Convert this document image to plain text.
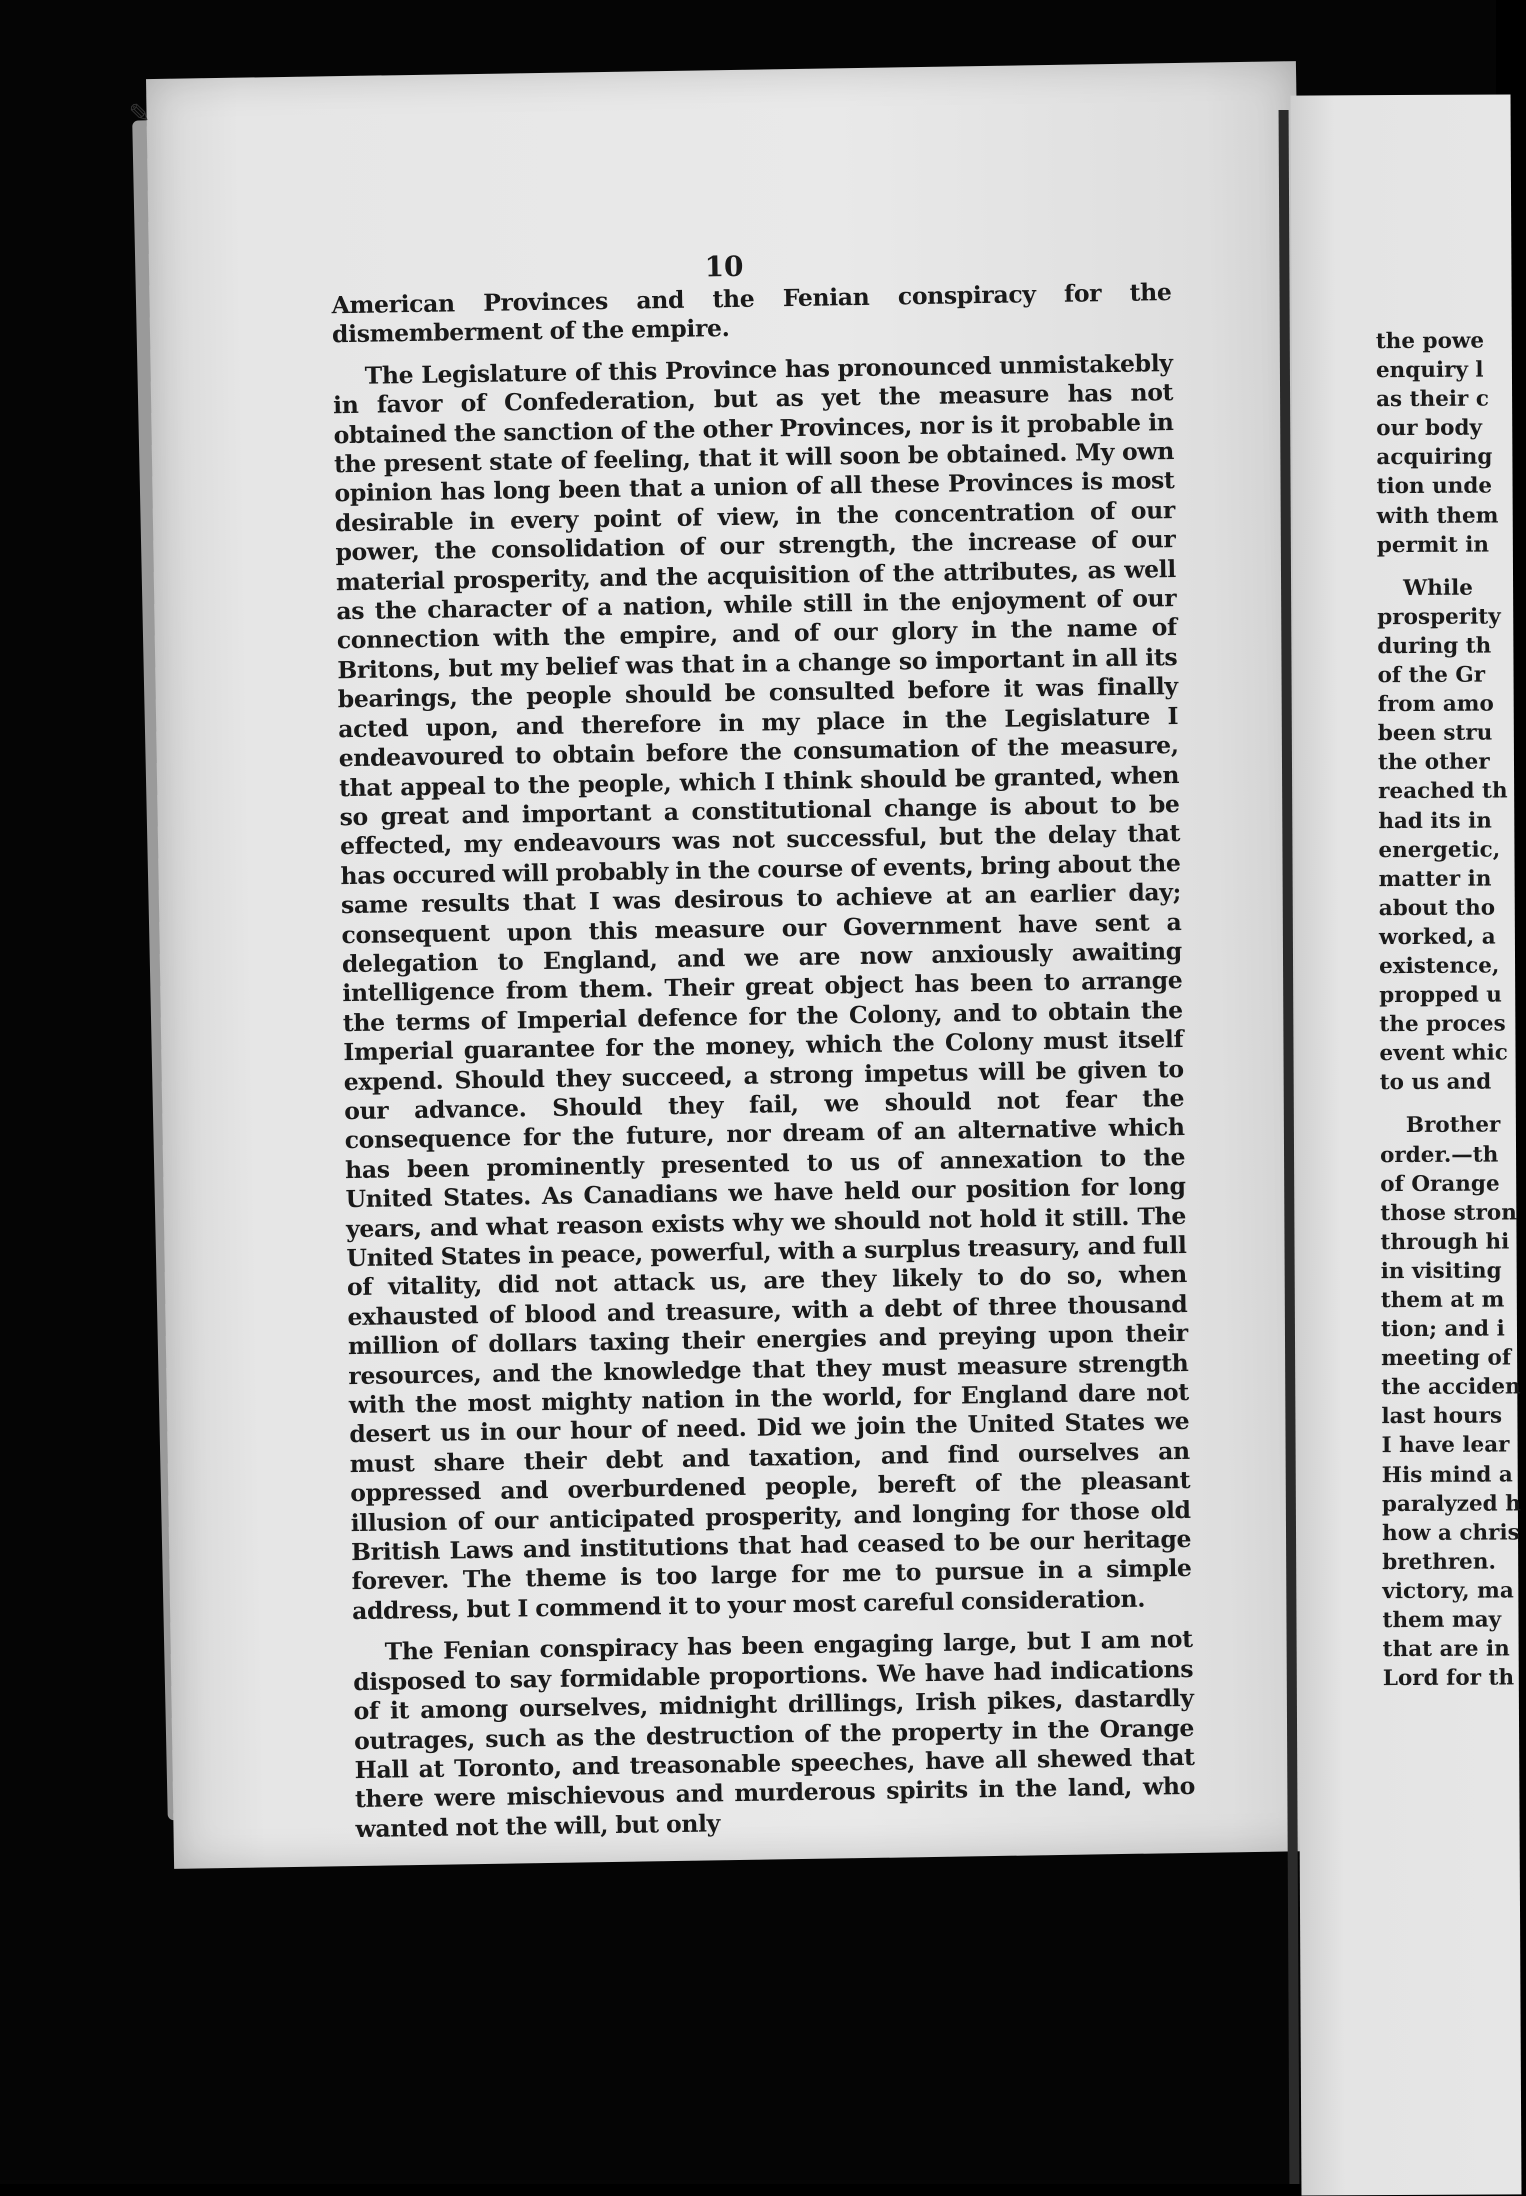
10

American Provinces and the Fenian conspiracy for the dismemberment of the empire.

The Legislature of this Province has pronounced unmistakebly in favor of Confederation, but as yet the measure has not obtained the sanction of the other Provinces, nor is it probable in the present state of feeling, that it will soon be obtained. My own opinion has long been that a union of all these Provinces is most desirable in every point of view, in the concentration of our power, the consolidation of our strength, the increase of our material prosperity, and the acquisition of the attributes, as well as the character of a nation, while still in the enjoyment of our connection with the empire, and of our glory in the name of Britons, but my belief was that in a change so important in all its bearings, the people should be consulted before it was finally acted upon, and therefore in my place in the Legislature I endeavoured to obtain before the consumation of the measure, that appeal to the people, which I think should be granted, when so great and important a constitutional change is about to be effected, my endeavours was not successful, but the delay that has occured will probably in the course of events, bring about the same results that I was desirous to achieve at an earlier day; consequent upon this measure our Government have sent a delegation to England, and we are now anxiously awaiting intelligence from them. Their great object has been to arrange the terms of Imperial defence for the Colony, and to obtain the Imperial guarantee for the money, which the Colony must itself expend. Should they succeed, a strong impetus will be given to our advance. Should they fail, we should not fear the consequence for the future, nor dream of an alternative which has been prominently presented to us of annexation to the United States. As Canadians we have held our position for long years, and what reason exists why we should not hold it still. The United States in peace, powerful, with a surplus treasury, and full of vitality, did not attack us, are they likely to do so, when exhausted of blood and treasure, with a debt of three thousand million of dollars taxing their energies and preying upon their resources, and the knowledge that they must measure strength with the most mighty nation in the world, for England dare not desert us in our hour of need. Did we join the United States we must share their debt and taxation, and find ourselves an oppressed and overburdened people, bereft of the pleasant illusion of our anticipated prosperity, and longing for those old British Laws and institutions that had ceased to be our heritage forever. The theme is too large for me to pursue in a simple address, but I commend it to your most careful consideration.

The Fenian conspiracy has been engaging large, but I am not disposed to say formidable proportions. We have had indications of it among ourselves, midnight drillings, Irish pikes, dastardly outrages, such as the destruction of the property in the Orange Hall at Toronto, and treasonable speeches, have all shewed that there were mischievous and murderous spirits in the land, who wanted not the will, but only

✎
the powe
enquiry l
as their c
our body
acquiring
tion unde
with them
permit in
While
prosperity
during th
of the Gr
from amo
been stru
the other
reached th
had its in
energetic,
matter in
about tho
worked, a
existence,
propped u
the proces
event whic
to us and
Brother
order.—th
of Orange
those stron
through hi
in visiting
them at m
tion; and i
meeting of
the acciden
last hours
I have lear
His mind a
paralyzed h
how a chris
brethren.
victory, ma
them may
that are in
Lord for th
